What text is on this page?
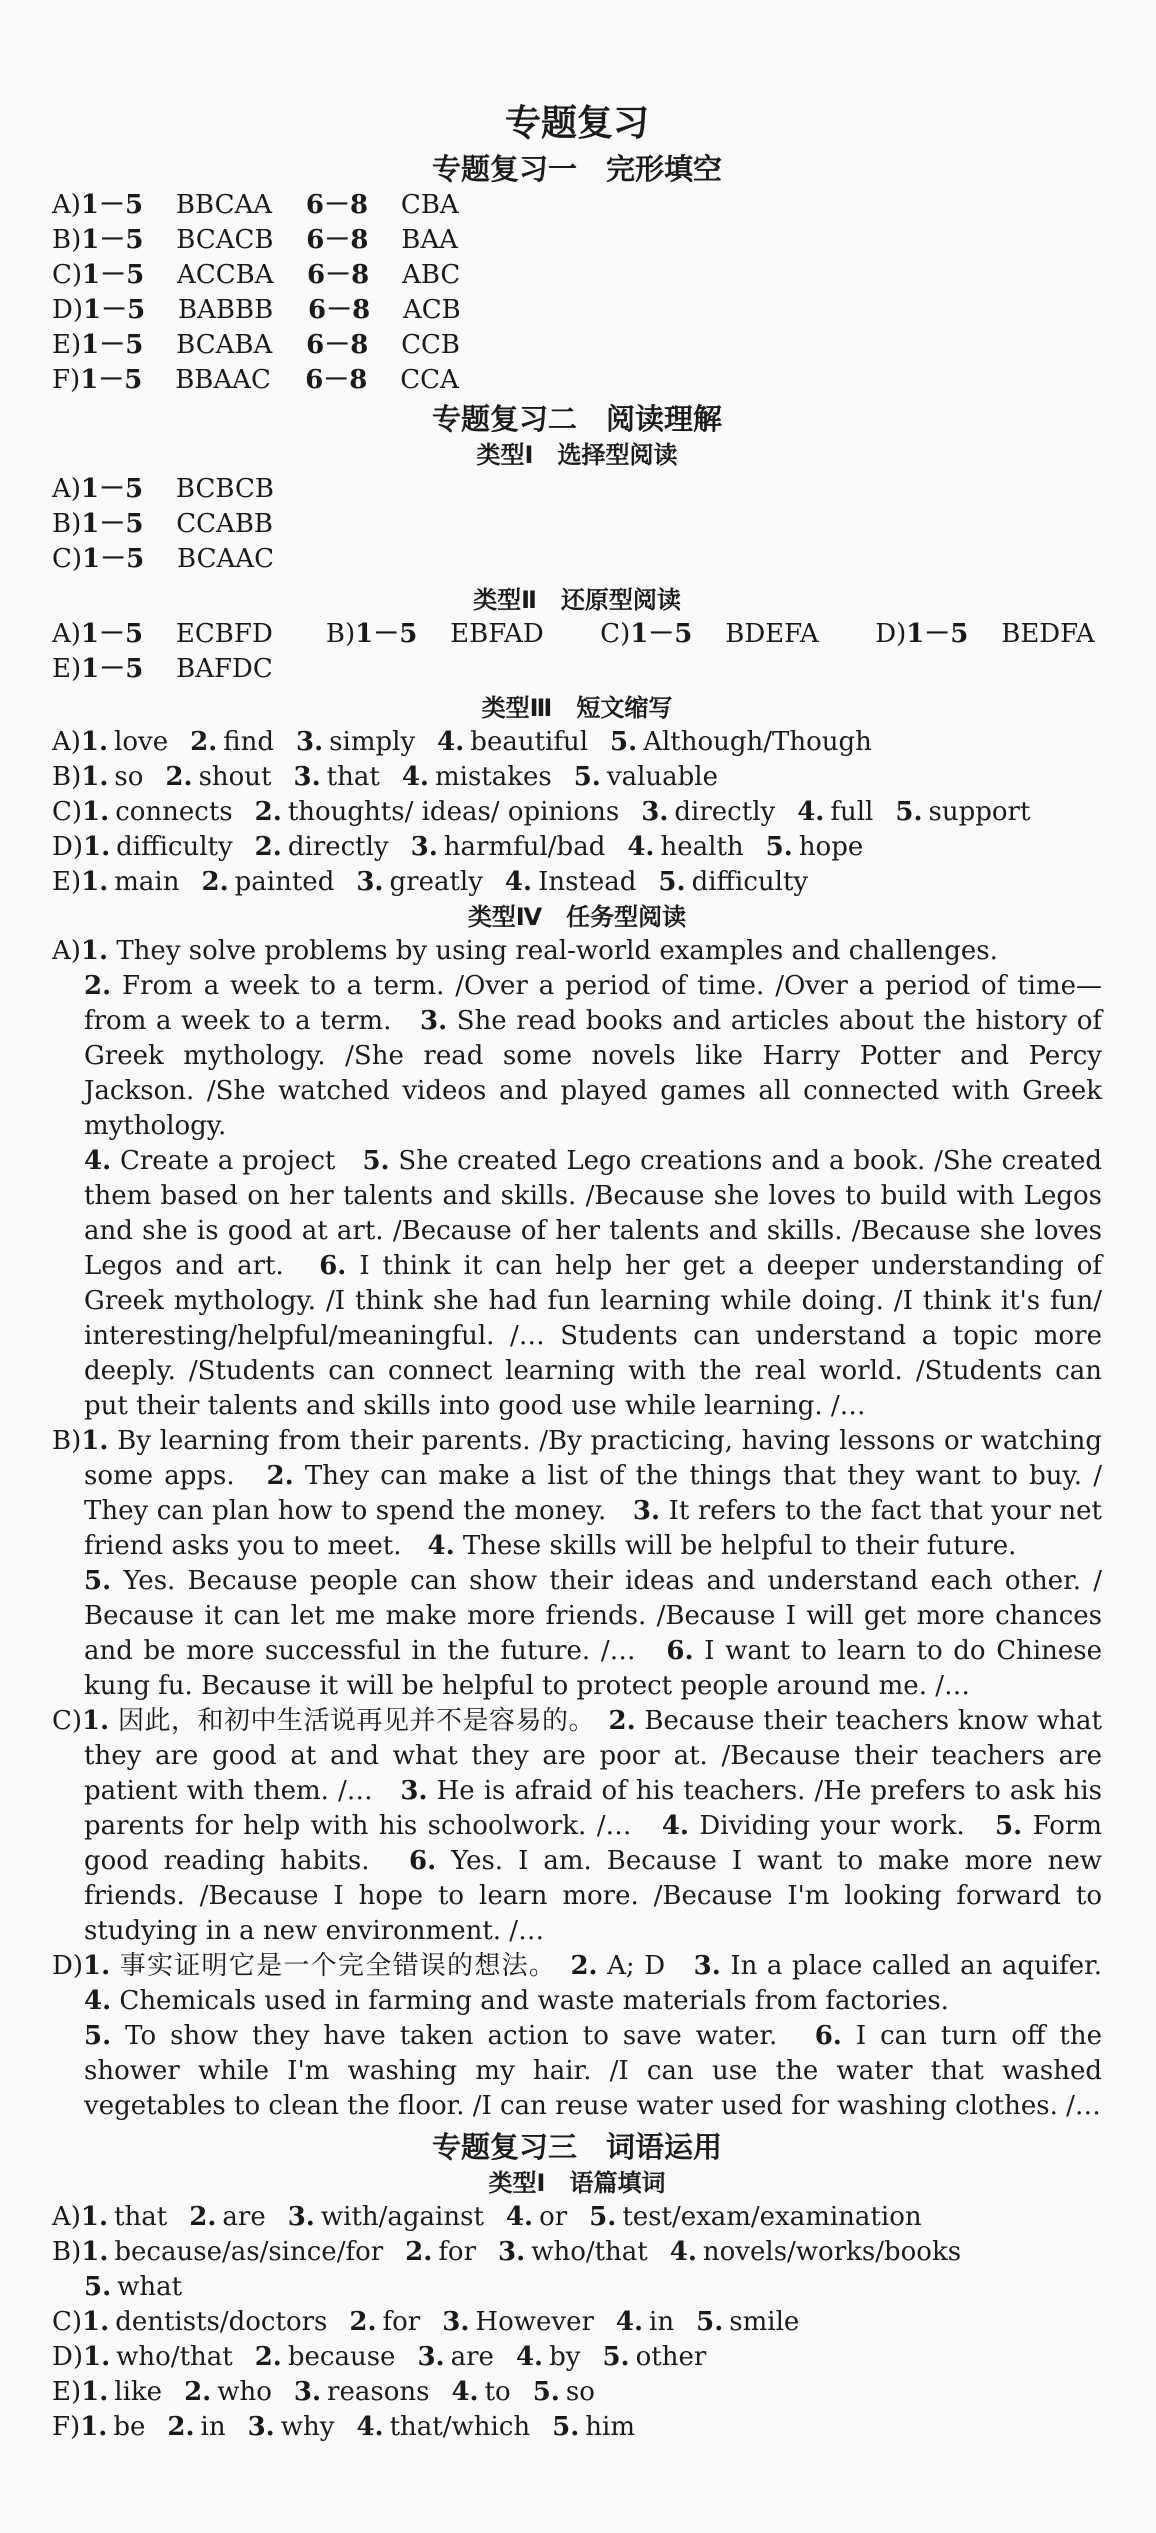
专题复习
专题复习一　完形填空
A) 1－5	BBCAA	6－8	CBA
B) 1－5	BCACB	6－8	BAA
C) 1－5	ACCBA	6－8	ABC
D) 1－5	BABBB	6－8	ACB
E) 1－5	BCABA	6－8	CCB
F) 1－5	BBAAC	6－8	CCA
专题复习二　阅读理解
类型Ⅰ　选择型阅读
A) 1－5	BCBCB
B) 1－5	CCABB
C) 1－5	BCAAC
类型Ⅱ　还原型阅读
A) 1－5	ECBFD	B) 1－5	EBFAD	C) 1－5	BDEFA	D) 1－5	BEDFA
E) 1－5	BAFDC
类型Ⅲ　短文缩写
A)1. love 2. find 3. simply 4. beautiful 5. Although/Though
B)1. so 2. shout 3. that 4. mistakes 5. valuable
C)1. connects 2. thoughts/ ideas/ opinions 3. directly 4. full 5. support
D)1. difficulty 2. directly 3. harmful/bad 4. health 5. hope
E)1. main 2. painted 3. greatly 4. Instead 5. difficulty
类型Ⅳ　任务型阅读
A)1. They solve problems by using real-world examples and challenges.
2. From a week to a term. /Over a period of time. /Over a period of time—from a week to a term.　3. She read books and articles about the history of Greek mythology. /She read some novels like Harry Potter and Percy Jackson. /She watched videos and played games all connected with Greek mythology.
4. Create a project　5. She created Lego creations and a book. /She created them based on her talents and skills. /Because she loves to build with Legos and she is good at art. /Because of her talents and skills. /Because she loves Legos and art.　6. I think it can help her get a deeper understanding of Greek mythology. /I think she had fun learning while doing. /I think it's fun/ interesting/helpful/meaningful. /… Students can understand a topic more deeply. /Students can connect learning with the real world. /Students can put their talents and skills into good use while learning. /…
B)1. By learning from their parents. /By practicing, having lessons or watching some apps.　2. They can make a list of the things that they want to buy. / They can plan how to spend the money.　3. It refers to the fact that your net friend asks you to meet.　4. These skills will be helpful to their future.
5. Yes. Because people can show their ideas and understand each other. / Because it can let me make more friends. /Because I will get more chances and be more successful in the future. /…　6. I want to learn to do Chinese kung fu. Because it will be helpful to protect people around me. /…
C)1. 因此，和初中生活说再见并不是容易的。　2. Because their teachers know what they are good at and what they are poor at. /Because their teachers are patient with them. /…　3. He is afraid of his teachers. /He prefers to ask his parents for help with his schoolwork. /…　4. Dividing your work.　5. Form good reading habits.　6. Yes. I am. Because I want to make more new friends. /Because I hope to learn more. /Because I'm looking forward to studying in a new environment. /…
D)1. 事实证明它是一个完全错误的想法。　2. A; D　3. In a place called an aquifer.　4. Chemicals used in farming and waste materials from factories.
5. To show they have taken action to save water.　6. I can turn off the shower while I'm washing my hair. /I can use the water that washed vegetables to clean the floor. /I can reuse water used for washing clothes. /…
专题复习三　词语运用
类型Ⅰ　语篇填词
A)1. that 2. are 3. with/against 4. or 5. test/exam/examination
B)1. because/as/since/for 2. for 3. who/that 4. novels/works/books
5. what
C)1. dentists/doctors 2. for 3. However 4. in 5. smile
D)1. who/that 2. because 3. are 4. by 5. other
E)1. like 2. who 3. reasons 4. to 5. so
F)1. be 2. in 3. why 4. that/which 5. him
